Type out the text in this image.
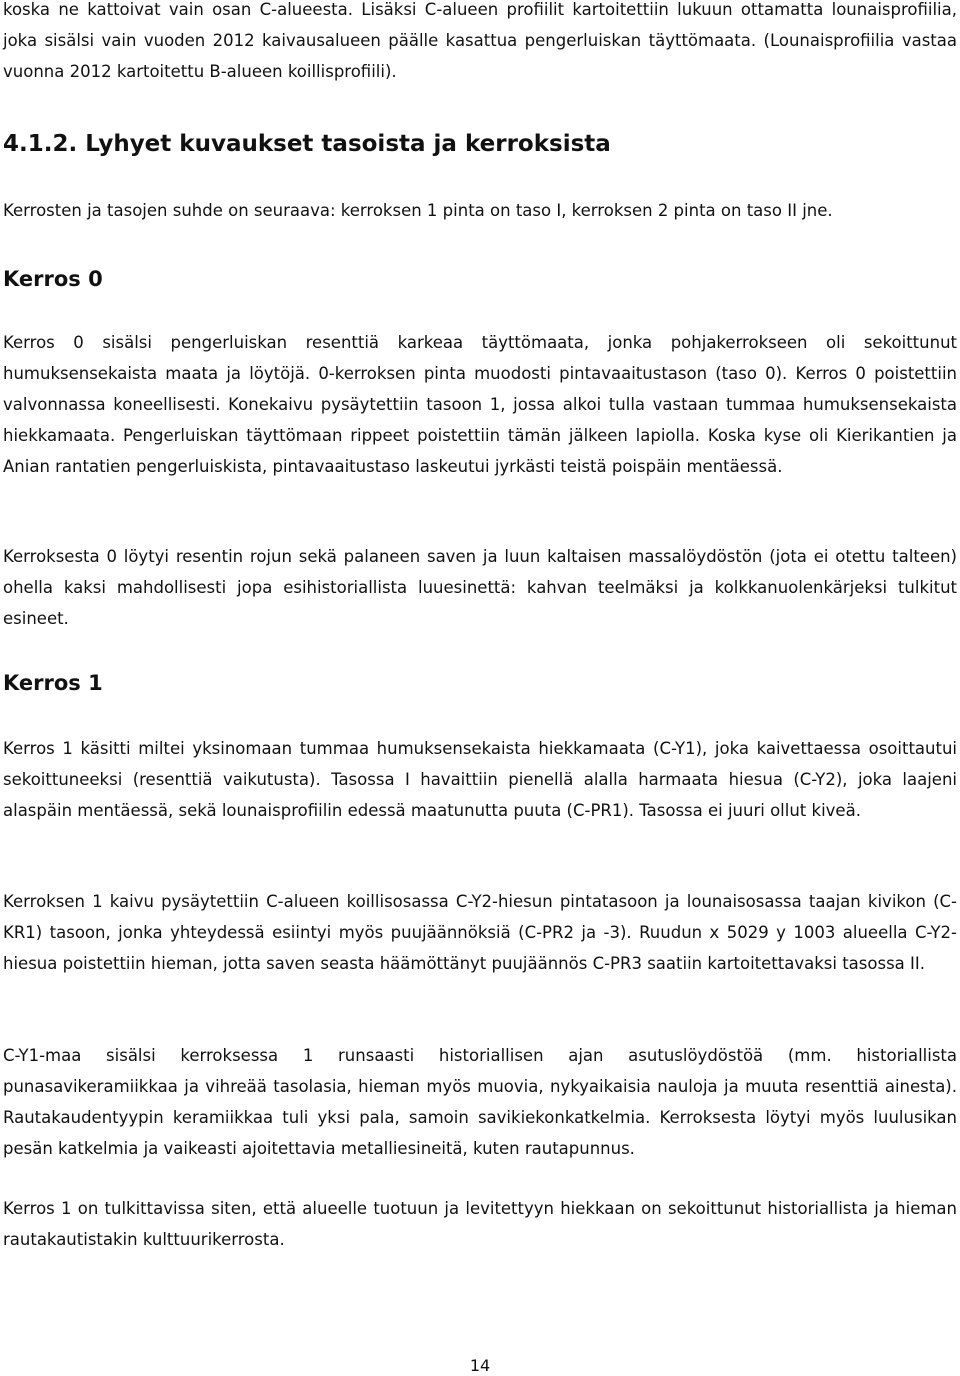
koska ne kattoivat vain osan C-alueesta. Lisäksi C-alueen profiilit kartoitettiin lukuun ottamatta lounaisprofiilia, joka sisälsi vain vuoden 2012 kaivausalueen päälle kasattua pengerluiskan täyttömaata. (Lounaisprofiilia vastaa vuonna 2012 kartoitettu B-alueen koillisprofiili).

4.1.2. Lyhyet kuvaukset tasoista ja kerroksista

Kerrosten ja tasojen suhde on seuraava: kerroksen 1 pinta on taso I, kerroksen 2 pinta on taso II jne.

Kerros 0

Kerros 0 sisälsi pengerluiskan resenttiä karkeaa täyttömaata, jonka pohjakerrokseen oli sekoittunut humuksensekaista maata ja löytöjä. 0-kerroksen pinta muodosti pintavaaitustason (taso 0). Kerros 0 poistettiin valvonnassa koneellisesti. Konekaivu pysäytettiin tasoon 1, jossa alkoi tulla vastaan tummaa humuksensekaista hiekkamaata. Pengerluiskan täyttömaan rippeet poistettiin tämän jälkeen lapiolla. Koska kyse oli Kierikantien ja Anian rantatien pengerluiskista, pintavaaitustaso laskeutui jyrkästi teistä poispäin mentäessä.

Kerroksesta 0 löytyi resentin rojun sekä palaneen saven ja luun kaltaisen massalöydöstön (jota ei otettu talteen) ohella kaksi mahdollisesti jopa esihistoriallista luuesinettä: kahvan teelmäksi ja kolkkanuolenkärjeksi tulkitut esineet.

Kerros 1

Kerros 1 käsitti miltei yksinomaan tummaa humuksensekaista hiekkamaata (C-Y1), joka kaivettaessa osoittautui sekoittuneeksi (resenttiä vaikutusta). Tasossa I havaittiin pienellä alalla harmaata hiesua (C-Y2), joka laajeni alaspäin mentäessä, sekä lounaisprofiilin edessä maatunutta puuta (C-PR1). Tasossa ei juuri ollut kiveä.

Kerroksen 1 kaivu pysäytettiin C-alueen koillisosassa C-Y2-hiesun pintatasoon ja lounaisosassa taajan kivikon (C-KR1) tasoon, jonka yhteydessä esiintyi myös puujäännöksiä (C-PR2 ja -3). Ruudun x 5029 y 1003 alueella C-Y2-hiesua poistettiin hieman, jotta saven seasta häämöttänyt puujäännös C-PR3 saatiin kartoitettavaksi tasossa II.

C-Y1-maa sisälsi kerroksessa 1 runsaasti historiallisen ajan asutuslöydöstöä (mm. historiallista punasavikeramiikkaa ja vihreää tasolasia, hieman myös muovia, nykyaikaisia nauloja ja muuta resenttiä ainesta). Rautakaudentyypin keramiikkaa tuli yksi pala, samoin savikiekonkatkelmia. Kerroksesta löytyi myös luulusikan pesän katkelmia ja vaikeasti ajoitettavia metalliesineitä, kuten rautapunnus.

Kerros 1 on tulkittavissa siten, että alueelle tuotuun ja levitettyyn hiekkaan on sekoittunut historiallista ja hieman rautakautistakin kulttuurikerrosta.

14
